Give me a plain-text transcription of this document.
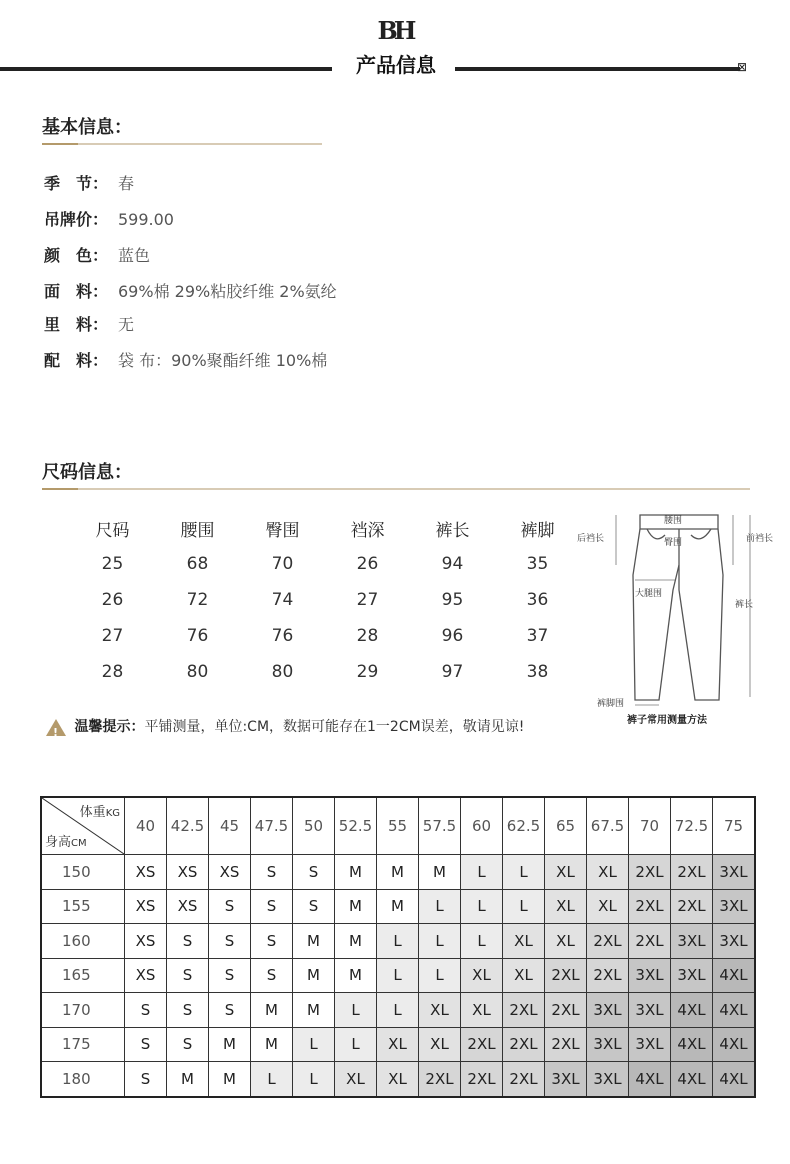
BH
产品信息	⊠
基本信息：
季　节： 春
吊牌价： 599.00
颜　色： 蓝色
面　料： 69%棉 29%粘胶纤维 2%氨纶
里　料： 无
配　料： 袋 布：90%聚酯纤维 10%棉
尺码信息：
尺码	腰围	臀围	裆深	裤长	裤脚
25	68	70	26	94	35
26	72	74	27	95	36
27	76	76	28	96	37
28	80	80	29	97	38
腰围
臀围
后裆长	前裆长
大腿围
裤长
裤脚围
裤子常用测量方法
! 温馨提示：平铺测量，单位:CM，数据可能存在1一2CM误差，敬请见谅!
体重KG
身高CM	40	42.5	45	47.5	50	52.5	55	57.5	60	62.5	65	67.5	70	72.5	75
150	XS	XS	XS	S	S	M	M	M	L	L	XL	XL	2XL	2XL	3XL
155	XS	XS	S	S	S	M	M	L	L	L	XL	XL	2XL	2XL	3XL
160	XS	S	S	S	M	M	L	L	L	XL	XL	2XL	2XL	3XL	3XL
165	XS	S	S	S	M	M	L	L	XL	XL	2XL	2XL	3XL	3XL	4XL
170	S	S	S	M	M	L	L	XL	XL	2XL	2XL	3XL	3XL	4XL	4XL
175	S	S	M	M	L	L	XL	XL	2XL	2XL	2XL	3XL	3XL	4XL	4XL
180	S	M	M	L	L	XL	XL	2XL	2XL	2XL	3XL	3XL	4XL	4XL	4XL
